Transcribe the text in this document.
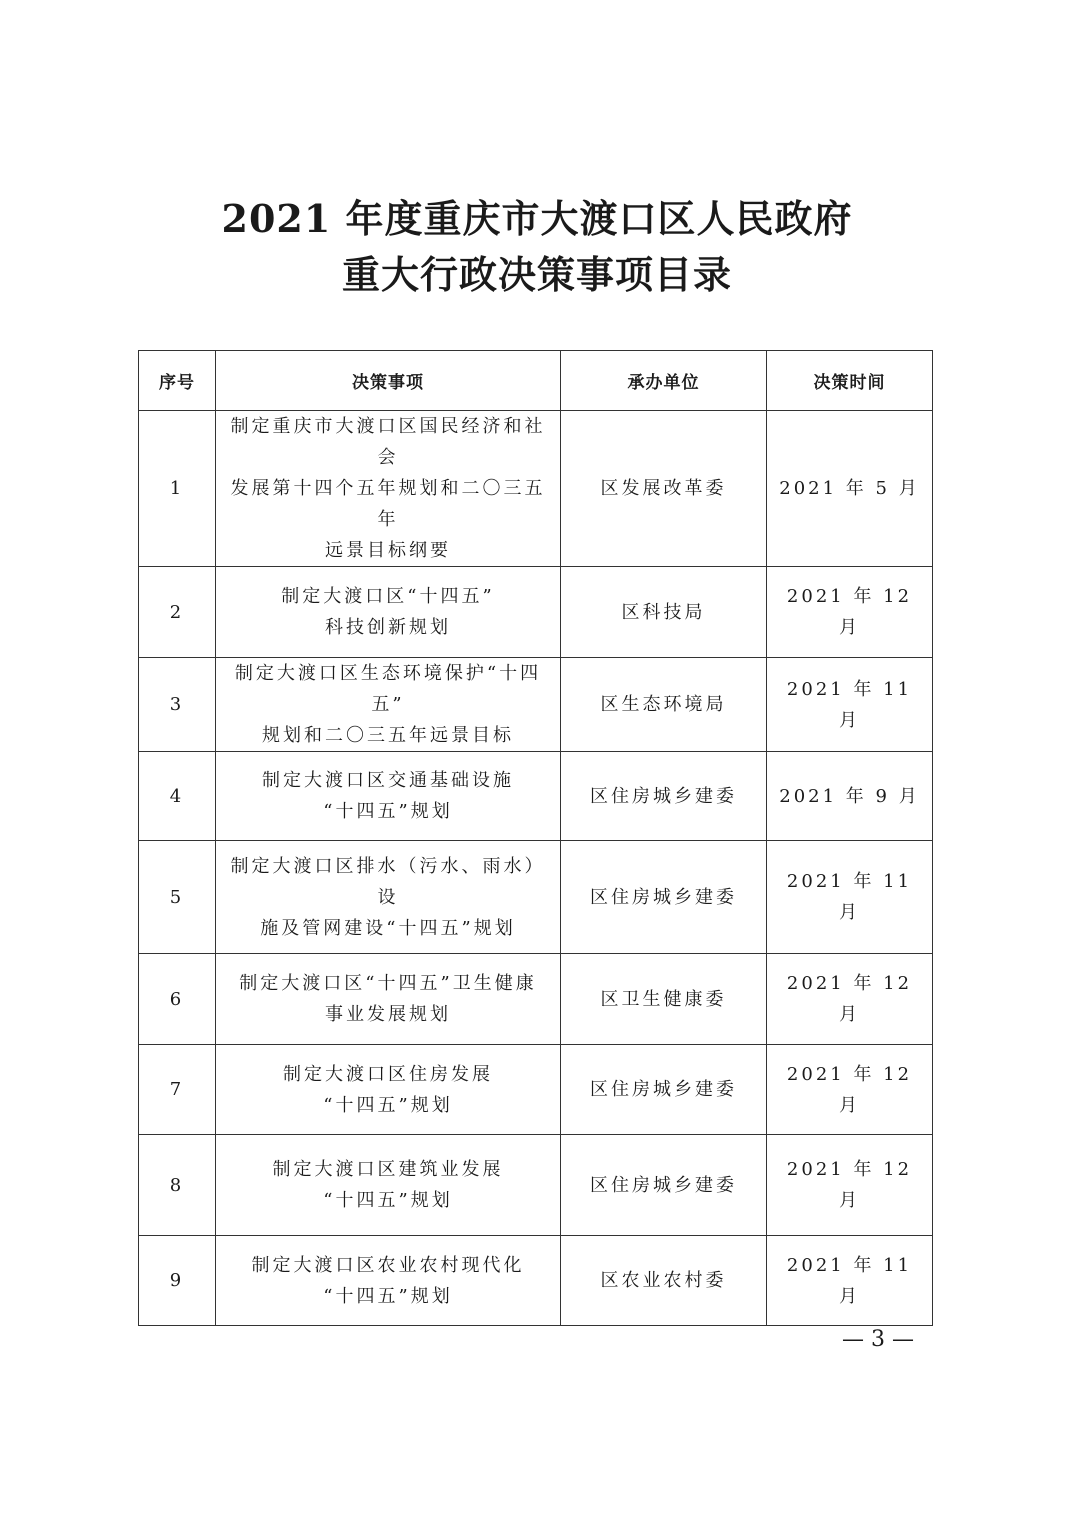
2021 年度重庆市大渡口区人民政府
重大行政决策事项目录
序号	决策事项	承办单位	决策时间
1	制定重庆市大渡口区国民经济和社会
发展第十四个五年规划和二〇三五年
远景目标纲要	区发展改革委	2021 年 5 月
2	制定大渡口区“十四五”
科技创新规划	区科技局	2021 年 12 月
3	制定大渡口区生态环境保护“十四五”
规划和二〇三五年远景目标	区生态环境局	2021 年 11 月
4	制定大渡口区交通基础设施
“十四五”规划	区住房城乡建委	2021 年 9 月
5	制定大渡口区排水（污水、雨水）设
施及管网建设“十四五”规划	区住房城乡建委	2021 年 11 月
6	制定大渡口区“十四五”卫生健康
事业发展规划	区卫生健康委	2021 年 12 月
7	制定大渡口区住房发展
“十四五”规划	区住房城乡建委	2021 年 12 月
8	制定大渡口区建筑业发展
“十四五”规划	区住房城乡建委	2021 年 12 月
9	制定大渡口区农业农村现代化
“十四五”规划	区农业农村委	2021 年 11 月
— 3 —
